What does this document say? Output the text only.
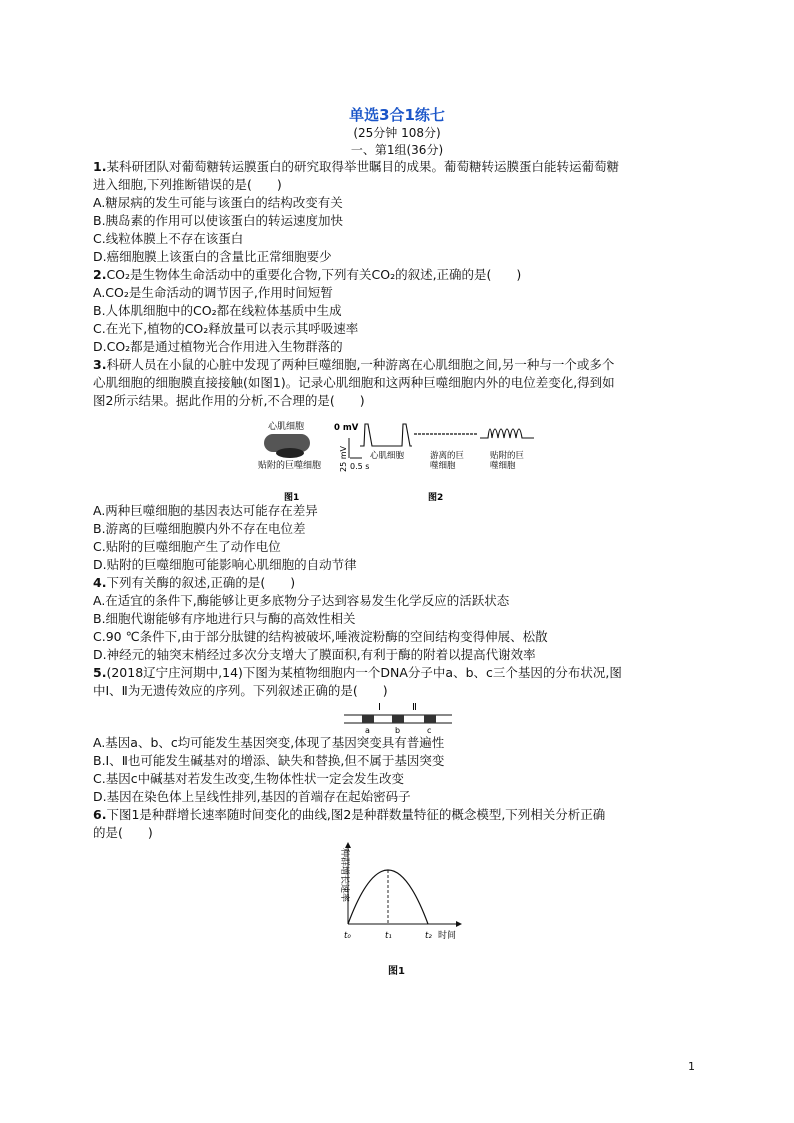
单选3合1练七
(25分钟 108分)
一、第1组(36分)
1.某科研团队对葡萄糖转运膜蛋白的研究取得举世瞩目的成果。葡萄糖转运膜蛋白能转运葡萄糖
进入细胞,下列推断错误的是(　　)
A.糖尿病的发生可能与该蛋白的结构改变有关
B.胰岛素的作用可以使该蛋白的转运速度加快
C.线粒体膜上不存在该蛋白
D.癌细胞膜上该蛋白的含量比正常细胞要少
2.CO₂是生物体生命活动中的重要化合物,下列有关CO₂的叙述,正确的是(　　)
A.CO₂是生命活动的调节因子,作用时间短暂
B.人体肌细胞中的CO₂都在线粒体基质中生成
C.在光下,植物的CO₂释放量可以表示其呼吸速率
D.CO₂都是通过植物光合作用进入生物群落的
3.科研人员在小鼠的心脏中发现了两种巨噬细胞,一种游离在心肌细胞之间,另一种与一个或多个
心肌细胞的细胞膜直接接触(如图1)。记录心肌细胞和这两种巨噬细胞内外的电位差变化,得到如
图2所示结果。据此作用的分析,不合理的是(　　)
心肌细胞
贴附的巨噬细胞
0 mV
25 mV 0.5 s
心肌细胞	游离的巨
噬细胞
贴附的巨
噬细胞
图1	图2
A.两种巨噬细胞的基因表达可能存在差异
B.游离的巨噬细胞膜内外不存在电位差
C.贴附的巨噬细胞产生了动作电位
D.贴附的巨噬细胞可能影响心肌细胞的自动节律
4.下列有关酶的叙述,正确的是(　　)
A.在适宜的条件下,酶能够让更多底物分子达到容易发生化学反应的活跃状态
B.细胞代谢能够有序地进行只与酶的高效性相关
C.90 ℃条件下,由于部分肽键的结构被破坏,唾液淀粉酶的空间结构变得伸展、松散
D.神经元的轴突末梢经过多次分支增大了膜面积,有利于酶的附着以提高代谢效率
5.(2018辽宁庄河期中,14)下图为某植物细胞内一个DNA分子中a、b、c三个基因的分布状况,图
中Ⅰ、Ⅱ为无遗传效应的序列。下列叙述正确的是(　　)
Ⅰ	Ⅱ
a	b	c
A.基因a、b、c均可能发生基因突变,体现了基因突变具有普遍性
B.Ⅰ、Ⅱ也可能发生碱基对的增添、缺失和替换,但不属于基因突变
C.基因c中碱基对若发生改变,生物体性状一定会发生改变
D.基因在染色体上呈线性排列,基因的首端存在起始密码子
6.下图1是种群增长速率随时间变化的曲线,图2是种群数量特征的概念模型,下列相关分析正确
的是(　　)
种群增长速率
t₀	t₁	t₂ 时间
图1
1
